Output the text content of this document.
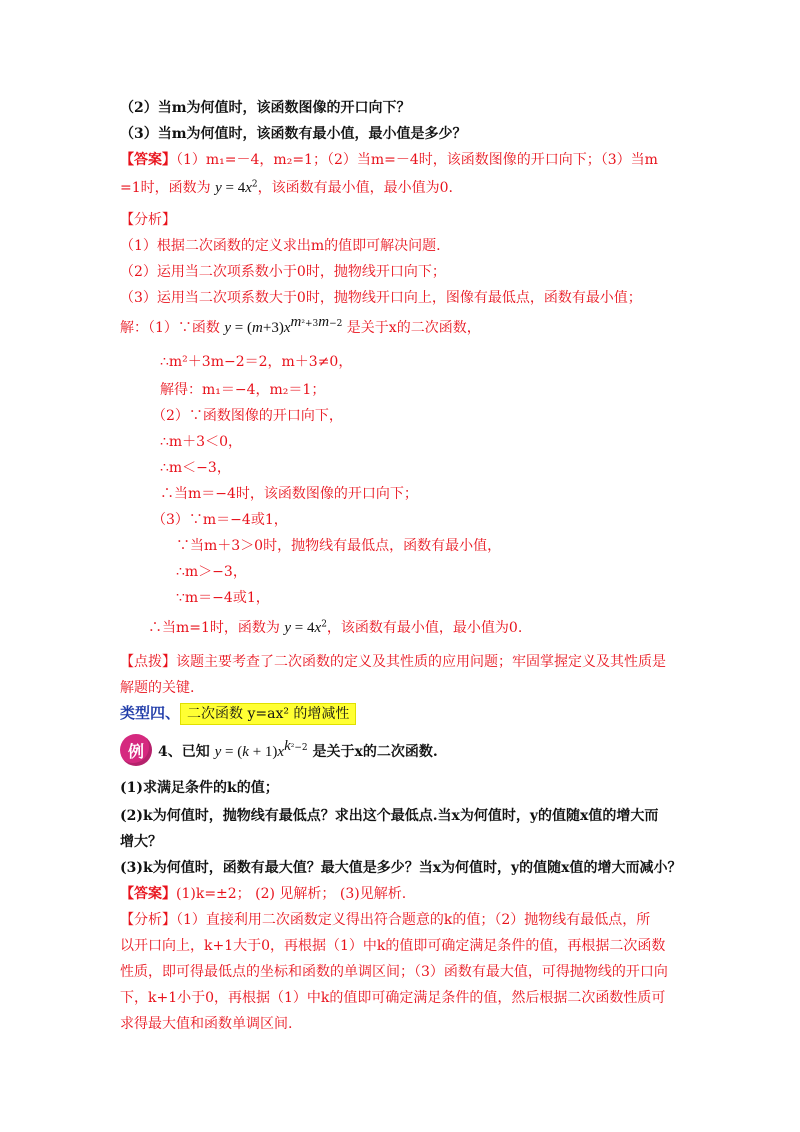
（2）当m为何值时，该函数图像的开口向下？
（3）当m为何值时，该函数有最小值，最小值是多少？
【答案】（1）m₁=－4，m₂=1；（2）当m=－4时，该函数图像的开口向下；（3）当m
=1时，函数为 $y = 4x^2$，该函数有最小值，最小值为0.
【分析】
（1）根据二次函数的定义求出m的值即可解决问题.
（2）运用当二次项系数小于0时，抛物线开口向下；
（3）运用当二次项系数大于0时，抛物线开口向上，图像有最低点，函数有最小值；
解：（1）∵函数 $y = (m+3)x^{m^2+3m-2}$ 是关于x的二次函数，
∴m²＋3m−2＝2，m＋3≠0，
解得：m₁＝−4，m₂＝1；
（2）∵函数图像的开口向下，
∴m＋3＜0，
∴m＜−3，
∴当m＝−4时，该函数图像的开口向下；
（3）∵m＝−4或1，
∵当m＋3＞0时，抛物线有最低点，函数有最小值，
∴m＞−3，
∵m＝−4或1，
∴当m=1时，函数为 $y = 4x^2$，该函数有最小值，最小值为0.
【点拨】该题主要考查了二次函数的定义及其性质的应用问题；牢固掌握定义及其性质是
解题的关键.
类型四、 二次函数 y=ax² 的增减性
例	4、已知 $y = (k + 1)x^{k^2-2}$ 是关于x的二次函数.
(1)求满足条件的k的值；
(2)k为何值时，抛物线有最低点？求出这个最低点.当x为何值时，y的值随x值的增大而
增大？
(3)k为何值时，函数有最大值？最大值是多少？当x为何值时，y的值随x值的增大而减小？
【答案】(1)k=±2； (2) 见解析； (3)见解析.
【分析】（1）直接利用二次函数定义得出符合题意的k的值；（2）抛物线有最低点，所
以开口向上，k+1大于0，再根据（1）中k的值即可确定满足条件的值，再根据二次函数
性质，即可得最低点的坐标和函数的单调区间；（3）函数有最大值，可得抛物线的开口向
下，k+1小于0，再根据（1）中k的值即可确定满足条件的值，然后根据二次函数性质可
求得最大值和函数单调区间.
